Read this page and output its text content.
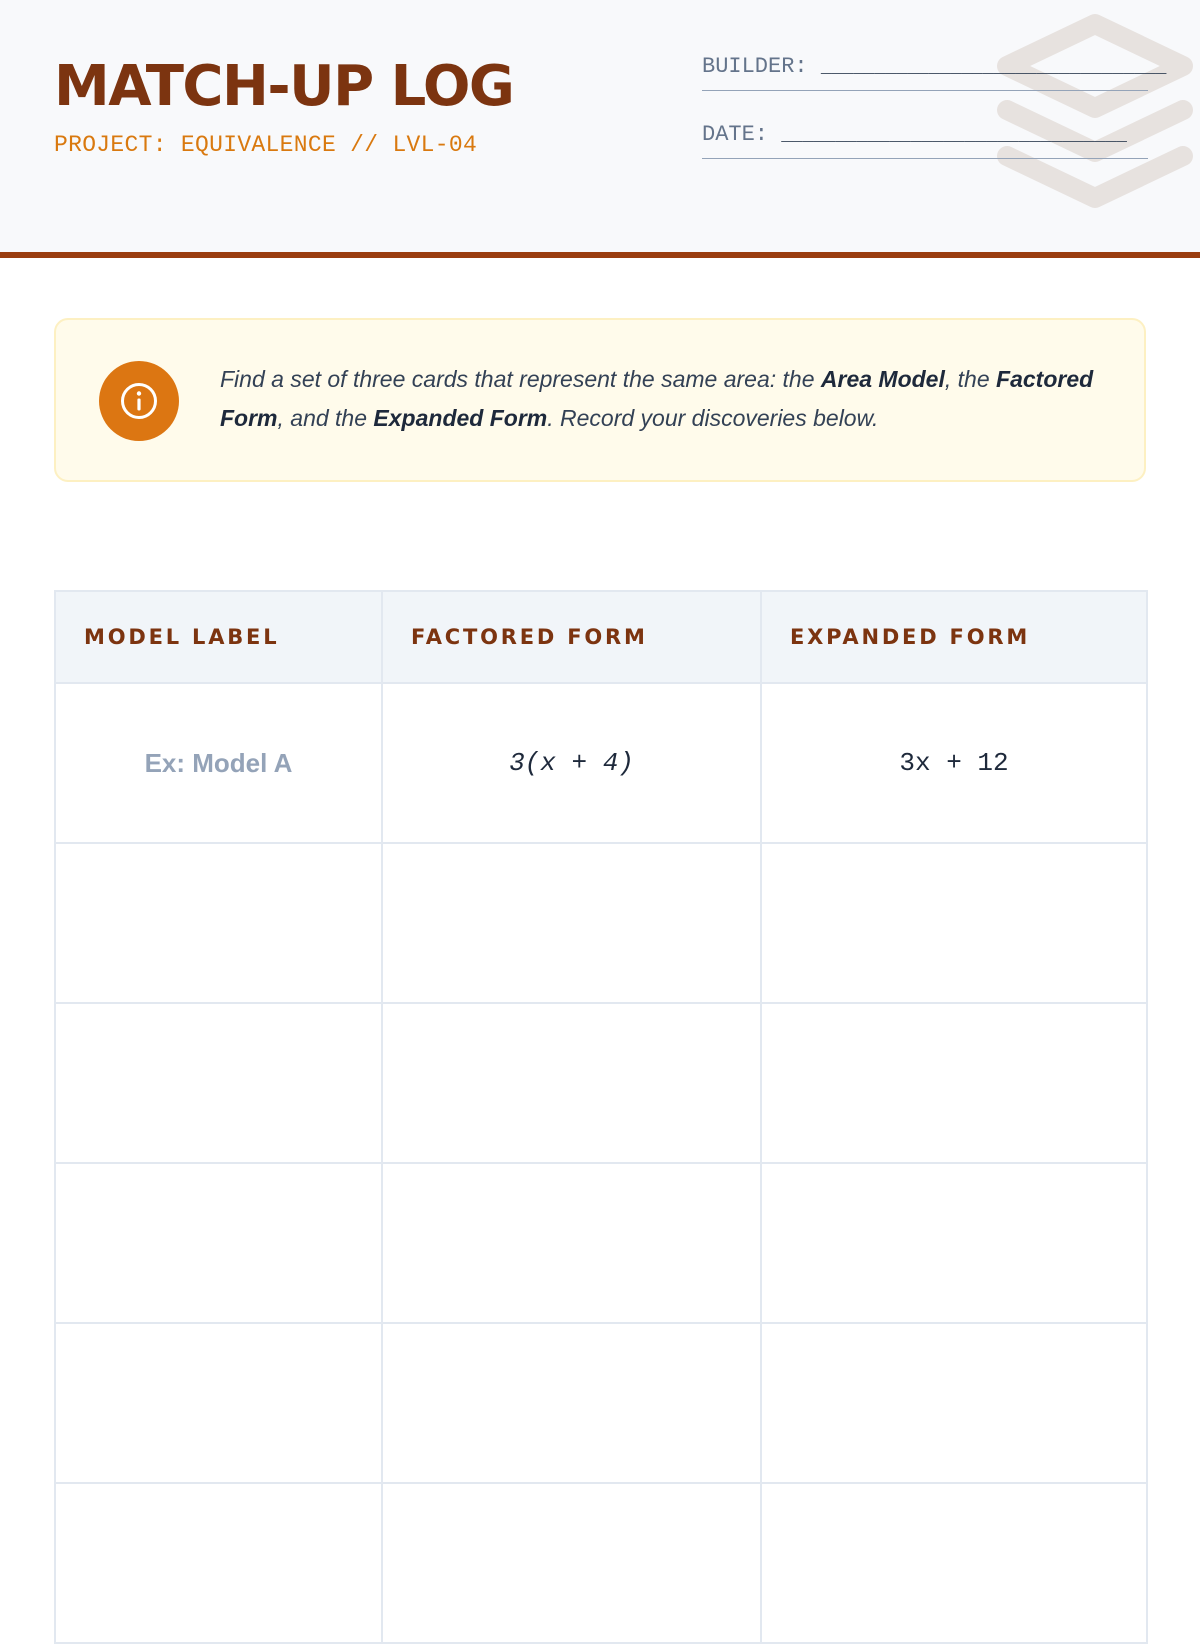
MATCH-UP LOG
PROJECT: EQUIVALENCE // LVL-04
BUILDER: ________________________________
DATE: ________________________________

Find a set of three cards that represent the same area: the Area Model, the Factored Form, and the Expanded Form. Record your discoveries below.

MODEL LABEL	FACTORED FORM	EXPANDED FORM
Ex: Model A	3(x + 4)	3x + 12
